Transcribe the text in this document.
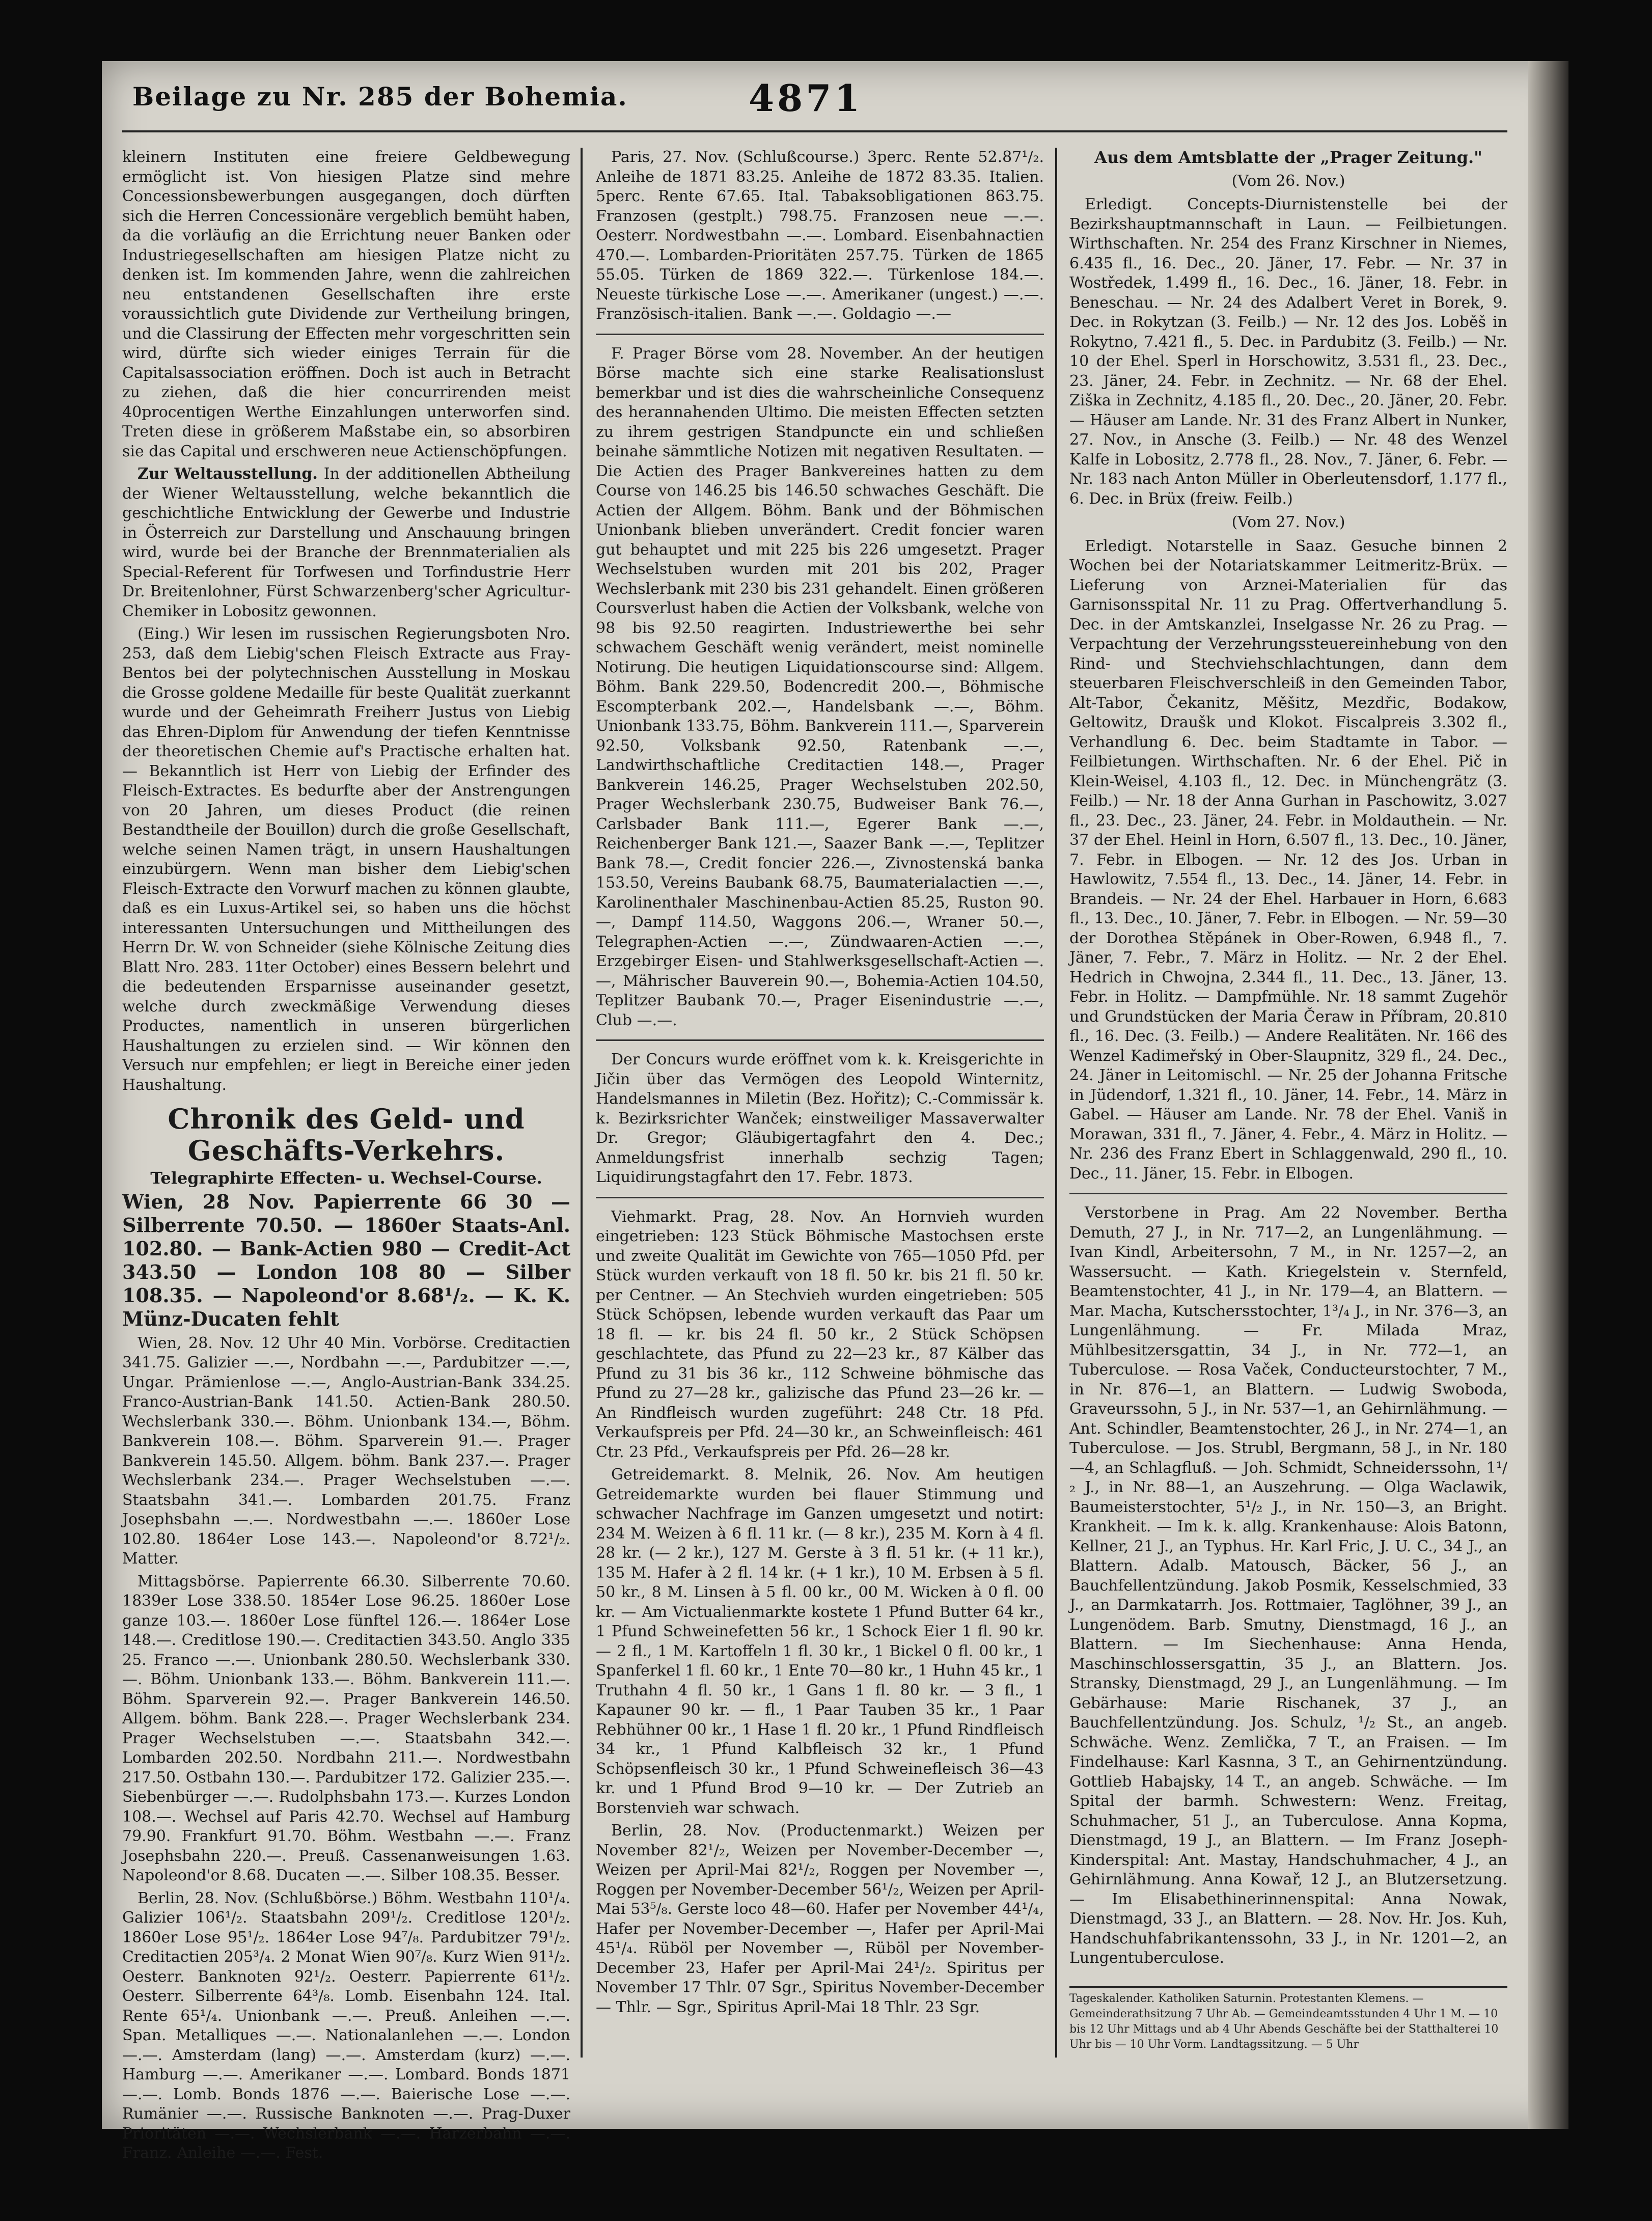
Beilage zu Nr. 285 der Bohemia.	4871

kleinern Instituten eine freiere Geldbewegung ermöglicht ist. Von hiesigen Platze sind mehre Concessionsbewerbungen ausgegangen, doch dürften sich die Herren Concessionäre vergeblich bemüht haben, da die vorläufig an die Errichtung neuer Banken oder Industriegesellschaften am hiesigen Platze nicht zu denken ist. Im kommenden Jahre, wenn die zahlreichen neu entstandenen Gesellschaften ihre erste voraussichtlich gute Dividende zur Vertheilung bringen, und die Classirung der Effecten mehr vorgeschritten sein wird, dürfte sich wieder einiges Terrain für die Capitalsassociation eröffnen. Doch ist auch in Betracht zu ziehen, daß die hier concurrirenden meist 40procentigen Werthe Einzahlungen unterworfen sind. Treten diese in größerem Maßstabe ein, so absorbiren sie das Capital und erschweren neue Actienschöpfungen.

Zur Weltausstellung. In der additionellen Abtheilung der Wiener Weltausstellung, welche bekanntlich die geschichtliche Entwicklung der Gewerbe und Industrie in Österreich zur Darstellung und Anschauung bringen wird, wurde bei der Branche der Brennmaterialien als Special-Referent für Torfwesen und Torfindustrie Herr Dr. Breitenlohner, Fürst Schwarzenberg'scher Agricultur-Chemiker in Lobositz gewonnen.

(Eing.) Wir lesen im russischen Regierungsboten Nro. 253, daß dem Liebig'schen Fleisch Extracte aus Fray-Bentos bei der polytechnischen Ausstellung in Moskau die Grosse goldene Medaille für beste Qualität zuerkannt wurde und der Geheimrath Freiherr Justus von Liebig das Ehren-Diplom für Anwendung der tiefen Kenntnisse der theoretischen Chemie auf's Practische erhalten hat. — Bekanntlich ist Herr von Liebig der Erfinder des Fleisch-Extractes. Es bedurfte aber der Anstrengungen von 20 Jahren, um dieses Product (die reinen Bestandtheile der Bouillon) durch die große Gesellschaft, welche seinen Namen trägt, in unsern Haushaltungen einzubürgern. Wenn man bisher dem Liebig'schen Fleisch-Extracte den Vorwurf machen zu können glaubte, daß es ein Luxus-Artikel sei, so haben uns die höchst interessanten Untersuchungen und Mittheilungen des Herrn Dr. W. von Schneider (siehe Kölnische Zeitung dies Blatt Nro. 283. 11ter October) eines Bessern belehrt und die bedeutenden Ersparnisse auseinander gesetzt, welche durch zweckmäßige Verwendung dieses Productes, namentlich in unseren bürgerlichen Haushaltungen zu erzielen sind. — Wir können den Versuch nur empfehlen; er liegt in Bereiche einer jeden Haushaltung.

Chronik des Geld- und Geschäfts-Verkehrs.
Telegraphirte Effecten- u. Wechsel-Course.

Wien, 28 Nov. Papierrente 66 30 — Silberrente 70.50. — 1860er Staats-Anl. 102.80. — Bank-Actien 980 — Credit-Act 343.50 — London 108 80 — Silber 108.35. — Napoleond'or 8.68¹/₂. — K. K. Münz-Ducaten fehlt

Wien, 28. Nov. 12 Uhr 40 Min. Vorbörse. Creditactien 341.75. Galizier —.—, Nordbahn —.—, Pardubitzer —.—, Ungar. Prämienlose —.—, Anglo-Austrian-Bank 334.25. Franco-Austrian-Bank 141.50. Actien-Bank 280.50. Wechslerbank 330.—. Böhm. Unionbank 134.—, Böhm. Bankverein 108.—. Böhm. Sparverein 91.—. Prager Bankverein 145.50. Allgem. böhm. Bank 237.—. Prager Wechslerbank 234.—. Prager Wechselstuben —.—. Staatsbahn 341.—. Lombarden 201.75. Franz Josephsbahn —.—. Nordwestbahn —.—. 1860er Lose 102.80. 1864er Lose 143.—. Napoleond'or 8.72¹/₂. Matter.

Mittagsbörse. Papierrente 66.30. Silberrente 70.60. 1839er Lose 338.50. 1854er Lose 96.25. 1860er Lose ganze 103.—. 1860er Lose fünftel 126.—. 1864er Lose 148.—. Creditlose 190.—. Creditactien 343.50. Anglo 335 25. Franco —.—. Unionbank 280.50. Wechslerbank 330.—. Böhm. Unionbank 133.—. Böhm. Bankverein 111.—. Böhm. Sparverein 92.—. Prager Bankverein 146.50. Allgem. böhm. Bank 228.—. Prager Wechslerbank 234. Prager Wechselstuben —.—. Staatsbahn 342.—. Lombarden 202.50. Nordbahn 211.—. Nordwestbahn 217.50. Ostbahn 130.—. Pardubitzer 172. Galizier 235.—. Siebenbürger —.—. Rudolphsbahn 173.—. Kurzes London 108.—. Wechsel auf Paris 42.70. Wechsel auf Hamburg 79.90. Frankfurt 91.70. Böhm. Westbahn —.—. Franz Josephsbahn 220.—. Preuß. Cassenanweisungen 1.63. Napoleond'or 8.68. Ducaten —.—. Silber 108.35. Besser.

Berlin, 28. Nov. (Schlußbörse.) Böhm. Westbahn 110¹/₄. Galizier 106¹/₂. Staatsbahn 209¹/₂. Creditlose 120¹/₂. 1860er Lose 95¹/₂. 1864er Lose 94⁷/₈. Pardubitzer 79¹/₂. Creditactien 205³/₄. 2 Monat Wien 90⁷/₈. Kurz Wien 91¹/₂. Oesterr. Banknoten 92¹/₂. Oesterr. Papierrente 61¹/₂. Oesterr. Silberrente 64³/₈. Lomb. Eisenbahn 124. Ital. Rente 65¹/₄. Unionbank —.—. Preuß. Anleihen —.—. Span. Metalliques —.—. Nationalanlehen —.—. London —.—. Amsterdam (lang) —.—. Amsterdam (kurz) —.—. Hamburg —.—. Amerikaner —.—. Lombard. Bonds 1871 —.—. Lomb. Bonds 1876 —.—. Baierische Lose —.—. Rumänier —.—. Russische Banknoten —.—. Prag-Duxer Prioritäten —.—. Wechslerbank —.—. Harzerbahn —.—. Franz. Anleihe —.—. Fest.

Paris, 27. Nov. (Schlußcourse.) 3perc. Rente 52.87¹/₂. Anleihe de 1871 83.25. Anleihe de 1872 83.35. Italien. 5perc. Rente 67.65. Ital. Tabaksobligationen 863.75. Franzosen (gestplt.) 798.75. Franzosen neue —.—. Oesterr. Nordwestbahn —.—. Lombard. Eisenbahnactien 470.—. Lombarden-Prioritäten 257.75. Türken de 1865 55.05. Türken de 1869 322.—. Türkenlose 184.—. Neueste türkische Lose —.—. Amerikaner (ungest.) —.—. Französisch-italien. Bank —.—. Goldagio —.—

F. Prager Börse vom 28. November. An der heutigen Börse machte sich eine starke Realisationslust bemerkbar und ist dies die wahrscheinliche Consequenz des herannahenden Ultimo. Die meisten Effecten setzten zu ihrem gestrigen Standpuncte ein und schließen beinahe sämmtliche Notizen mit negativen Resultaten. — Die Actien des Prager Bankvereines hatten zu dem Course von 146.25 bis 146.50 schwaches Geschäft. Die Actien der Allgem. Böhm. Bank und der Böhmischen Unionbank blieben unverändert. Credit foncier waren gut behauptet und mit 225 bis 226 umgesetzt. Prager Wechselstuben wurden mit 201 bis 202, Prager Wechslerbank mit 230 bis 231 gehandelt. Einen größeren Coursverlust haben die Actien der Volksbank, welche von 98 bis 92.50 reagirten. Industriewerthe bei sehr schwachem Geschäft wenig verändert, meist nominelle Notirung. Die heutigen Liquidationscourse sind: Allgem. Böhm. Bank 229.50, Bodencredit 200.—, Böhmische Escompterbank 202.—, Handelsbank —.—, Böhm. Unionbank 133.75, Böhm. Bankverein 111.—, Sparverein 92.50, Volksbank 92.50, Ratenbank —.—, Landwirthschaftliche Creditactien 148.—, Prager Bankverein 146.25, Prager Wechselstuben 202.50, Prager Wechslerbank 230.75, Budweiser Bank 76.—, Carlsbader Bank 111.—, Egerer Bank —.—, Reichenberger Bank 121.—, Saazer Bank —.—, Teplitzer Bank 78.—, Credit foncier 226.—, Zivnostenská banka 153.50, Vereins Baubank 68.75, Baumaterialactien —.—, Karolinenthaler Maschinenbau-Actien 85.25, Ruston 90.—, Dampf 114.50, Waggons 206.—, Wraner 50.—, Telegraphen-Actien —.—, Zündwaaren-Actien —.—, Erzgebirger Eisen- und Stahlwerksgesellschaft-Actien —.—, Mährischer Bauverein 90.—, Bohemia-Actien 104.50, Teplitzer Baubank 70.—, Prager Eisenindustrie —.—, Club —.—.

Der Concurs wurde eröffnet vom k. k. Kreisgerichte in Jičin über das Vermögen des Leopold Winternitz, Handelsmannes in Miletin (Bez. Hořitz); C.-Commissär k. k. Bezirksrichter Wanček; einstweiliger Massaverwalter Dr. Gregor; Gläubigertagfahrt den 4. Dec.; Anmeldungsfrist innerhalb sechzig Tagen; Liquidirungstagfahrt den 17. Febr. 1873.

Viehmarkt. Prag, 28. Nov. An Hornvieh wurden eingetrieben: 123 Stück Böhmische Mastochsen erste und zweite Qualität im Gewichte von 765—1050 Pfd. per Stück wurden verkauft von 18 fl. 50 kr. bis 21 fl. 50 kr. per Centner. — An Stechvieh wurden eingetrieben: 505 Stück Schöpsen, lebende wurden verkauft das Paar um 18 fl. — kr. bis 24 fl. 50 kr., 2 Stück Schöpsen geschlachtete, das Pfund zu 22—23 kr., 87 Kälber das Pfund zu 31 bis 36 kr., 112 Schweine böhmische das Pfund zu 27—28 kr., galizische das Pfund 23—26 kr. — An Rindfleisch wurden zugeführt: 248 Ctr. 18 Pfd. Verkaufspreis per Pfd. 24—30 kr., an Schweinfleisch: 461 Ctr. 23 Pfd., Verkaufspreis per Pfd. 26—28 kr.

Getreidemarkt. 8. Melnik, 26. Nov. Am heutigen Getreidemarkte wurden bei flauer Stimmung und schwacher Nachfrage im Ganzen umgesetzt und notirt: 234 M. Weizen à 6 fl. 11 kr. (— 8 kr.), 235 M. Korn à 4 fl. 28 kr. (— 2 kr.), 127 M. Gerste à 3 fl. 51 kr. (+ 11 kr.), 135 M. Hafer à 2 fl. 14 kr. (+ 1 kr.), 10 M. Erbsen à 5 fl. 50 kr., 8 M. Linsen à 5 fl. 00 kr., 00 M. Wicken à 0 fl. 00 kr. — Am Victualienmarkte kostete 1 Pfund Butter 64 kr., 1 Pfund Schweinefetten 56 kr., 1 Schock Eier 1 fl. 90 kr. — 2 fl., 1 M. Kartoffeln 1 fl. 30 kr., 1 Bickel 0 fl. 00 kr., 1 Spanferkel 1 fl. 60 kr., 1 Ente 70—80 kr., 1 Huhn 45 kr., 1 Truthahn 4 fl. 50 kr., 1 Gans 1 fl. 80 kr. — 3 fl., 1 Kapauner 90 kr. — fl., 1 Paar Tauben 35 kr., 1 Paar Rebhühner 00 kr., 1 Hase 1 fl. 20 kr., 1 Pfund Rindfleisch 34 kr., 1 Pfund Kalbfleisch 32 kr., 1 Pfund Schöpsenfleisch 30 kr., 1 Pfund Schweinefleisch 36—43 kr. und 1 Pfund Brod 9—10 kr. — Der Zutrieb an Borstenvieh war schwach.

Berlin, 28. Nov. (Productenmarkt.) Weizen per November 82¹/₂, Weizen per November-December —, Weizen per April-Mai 82¹/₂, Roggen per November —, Roggen per November-December 56¹/₂, Weizen per April-Mai 53⁵/₈. Gerste loco 48—60. Hafer per November 44¹/₄, Hafer per November-December —, Hafer per April-Mai 45¹/₄. Rüböl per November —, Rüböl per November-December 23, Hafer per April-Mai 24¹/₂. Spiritus per November 17 Thlr. 07 Sgr., Spiritus November-December — Thlr. — Sgr., Spiritus April-Mai 18 Thlr. 23 Sgr.

Aus dem Amtsblatte der „Prager Zeitung."
(Vom 26. Nov.)

Erledigt. Concepts-Diurnistenstelle bei der Bezirkshauptmannschaft in Laun. — Feilbietungen. Wirthschaften. Nr. 254 des Franz Kirschner in Niemes, 6.435 fl., 16. Dec., 20. Jäner, 17. Febr. — Nr. 37 in Wostředek, 1.499 fl., 16. Dec., 16. Jäner, 18. Febr. in Beneschau. — Nr. 24 des Adalbert Veret in Borek, 9. Dec. in Rokytzan (3. Feilb.) — Nr. 12 des Jos. Loběš in Rokytno, 7.421 fl., 5. Dec. in Pardubitz (3. Feilb.) — Nr. 10 der Ehel. Sperl in Horschowitz, 3.531 fl., 23. Dec., 23. Jäner, 24. Febr. in Zechnitz. — Nr. 68 der Ehel. Ziška in Zechnitz, 4.185 fl., 20. Dec., 20. Jäner, 20. Febr. — Häuser am Lande. Nr. 31 des Franz Albert in Nunker, 27. Nov., in Ansche (3. Feilb.) — Nr. 48 des Wenzel Kalfe in Lobositz, 2.778 fl., 28. Nov., 7. Jäner, 6. Febr. — Nr. 183 nach Anton Müller in Oberleutensdorf, 1.177 fl., 6. Dec. in Brüx (freiw. Feilb.)

(Vom 27. Nov.)

Erledigt. Notarstelle in Saaz. Gesuche binnen 2 Wochen bei der Notariatskammer Leitmeritz-Brüx. — Lieferung von Arznei-Materialien für das Garnisonsspital Nr. 11 zu Prag. Offertverhandlung 5. Dec. in der Amtskanzlei, Inselgasse Nr. 26 zu Prag. — Verpachtung der Verzehrungssteuereinhebung von den Rind- und Stechviehschlachtungen, dann dem steuerbaren Fleischverschleiß in den Gemeinden Tabor, Alt-Tabor, Čekanitz, Měšitz, Mezdřic, Bodakow, Geltowitz, Draušk und Klokot. Fiscalpreis 3.302 fl., Verhandlung 6. Dec. beim Stadtamte in Tabor. — Feilbietungen. Wirthschaften. Nr. 6 der Ehel. Pič in Klein-Weisel, 4.103 fl., 12. Dec. in Münchengrätz (3. Feilb.) — Nr. 18 der Anna Gurhan in Paschowitz, 3.027 fl., 23. Dec., 23. Jäner, 24. Febr. in Moldauthein. — Nr. 37 der Ehel. Heinl in Horn, 6.507 fl., 13. Dec., 10. Jäner, 7. Febr. in Elbogen. — Nr. 12 des Jos. Urban in Hawlowitz, 7.554 fl., 13. Dec., 14. Jäner, 14. Febr. in Brandeis. — Nr. 24 der Ehel. Harbauer in Horn, 6.683 fl., 13. Dec., 10. Jäner, 7. Febr. in Elbogen. — Nr. 59—30 der Dorothea Stěpánek in Ober-Rowen, 6.948 fl., 7. Jäner, 7. Febr., 7. März in Holitz. — Nr. 2 der Ehel. Hedrich in Chwojna, 2.344 fl., 11. Dec., 13. Jäner, 13. Febr. in Holitz. — Dampfmühle. Nr. 18 sammt Zugehör und Grundstücken der Maria Čeraw in Příbram, 20.810 fl., 16. Dec. (3. Feilb.) — Andere Realitäten. Nr. 166 des Wenzel Kadimeřský in Ober-Slaupnitz, 329 fl., 24. Dec., 24. Jäner in Leitomischl. — Nr. 25 der Johanna Fritsche in Jüdendorf, 1.321 fl., 10. Jäner, 14. Febr., 14. März in Gabel. — Häuser am Lande. Nr. 78 der Ehel. Vaniš in Morawan, 331 fl., 7. Jäner, 4. Febr., 4. März in Holitz. — Nr. 236 des Franz Ebert in Schlaggenwald, 290 fl., 10. Dec., 11. Jäner, 15. Febr. in Elbogen.

Verstorbene in Prag. Am 22 November. Bertha Demuth, 27 J., in Nr. 717—2, an Lungenlähmung. — Ivan Kindl, Arbeitersohn, 7 M., in Nr. 1257—2, an Wassersucht. — Kath. Kriegelstein v. Sternfeld, Beamtenstochter, 41 J., in Nr. 179—4, an Blattern. — Mar. Macha, Kutschersstochter, 1³/₄ J., in Nr. 376—3, an Lungenlähmung. — Fr. Milada Mraz, Mühlbesitzersgattin, 34 J., in Nr. 772—1, an Tuberculose. — Rosa Vaček, Conducteurstochter, 7 M., in Nr. 876—1, an Blattern. — Ludwig Swoboda, Graveurssohn, 5 J., in Nr. 537—1, an Gehirnlähmung. — Ant. Schindler, Beamtenstochter, 26 J., in Nr. 274—1, an Tuberculose. — Jos. Strubl, Bergmann, 58 J., in Nr. 180—4, an Schlagfluß. — Joh. Schmidt, Schneiderssohn, 1¹/₂ J., in Nr. 88—1, an Auszehrung. — Olga Waclawik, Baumeisterstochter, 5¹/₂ J., in Nr. 150—3, an Bright. Krankheit. — Im k. k. allg. Krankenhause: Alois Batonn, Kellner, 21 J., an Typhus. Hr. Karl Fric, J. U. C., 34 J., an Blattern. Adalb. Matousch, Bäcker, 56 J., an Bauchfellentzündung. Jakob Posmik, Kesselschmied, 33 J., an Darmkatarrh. Jos. Rottmaier, Taglöhner, 39 J., an Lungenödem. Barb. Smutny, Dienstmagd, 16 J., an Blattern. — Im Siechenhause: Anna Henda, Maschinschlossersgattin, 35 J., an Blattern. Jos. Stransky, Dienstmagd, 29 J., an Lungenlähmung. — Im Gebärhause: Marie Rischanek, 37 J., an Bauchfellentzündung. Jos. Schulz, ¹/₂ St., an angeb. Schwäche. Wenz. Zemlička, 7 T., an Fraisen. — Im Findelhause: Karl Kasnna, 3 T., an Gehirnentzündung. Gottlieb Habajsky, 14 T., an angeb. Schwäche. — Im Spital der barmh. Schwestern: Wenz. Freitag, Schuhmacher, 51 J., an Tuberculose. Anna Kopma, Dienstmagd, 19 J., an Blattern. — Im Franz Joseph-Kinderspital: Ant. Mastay, Handschuhmacher, 4 J., an Gehirnlähmung. Anna Kowař, 12 J., an Blutzersetzung. — Im Elisabethinerinnenspital: Anna Nowak, Dienstmagd, 33 J., an Blattern. — 28. Nov. Hr. Jos. Kuh, Handschuhfabrikantenssohn, 33 J., in Nr. 1201—2, an Lungentuberculose.

Tageskalender. Katholiken Saturnin. Protestanten Klemens. — Gemeinderathsitzung 7 Uhr Ab. — Gemeindeamtsstunden 4 Uhr 1 M. — 10 bis 12 Uhr Mittags und ab 4 Uhr Abends Geschäfte bei der Statthalterei 10 Uhr bis — 10 Uhr Vorm. Landtagssitzung. — 5 Uhr
